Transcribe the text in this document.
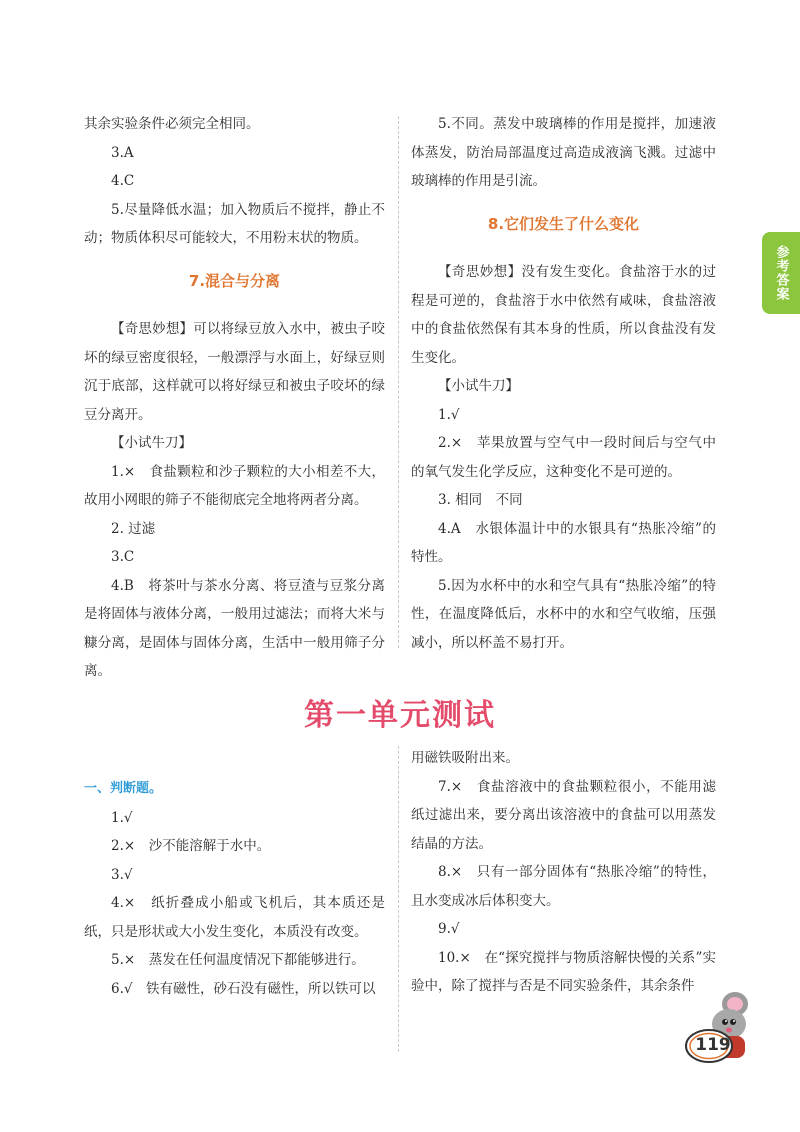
其余实验条件必须完全相同。

3.A

4.C

5.尽量降低水温；加入物质后不搅拌，静止不动；物质体积尽可能较大，不用粉末状的物质。

7.混合与分离

【奇思妙想】可以将绿豆放入水中，被虫子咬坏的绿豆密度很轻，一般漂浮与水面上，好绿豆则沉于底部，这样就可以将好绿豆和被虫子咬坏的绿豆分离开。

【小试牛刀】

1.×　食盐颗粒和沙子颗粒的大小相差不大，故用小网眼的筛子不能彻底完全地将两者分离。

2. 过滤

3.C

4.B　将茶叶与茶水分离、将豆渣与豆浆分离是将固体与液体分离，一般用过滤法；而将大米与糠分离，是固体与固体分离，生活中一般用筛子分离。

5.不同。蒸发中玻璃棒的作用是搅拌，加速液体蒸发，防治局部温度过高造成液滴飞溅。过滤中玻璃棒的作用是引流。

8.它们发生了什么变化

【奇思妙想】没有发生变化。食盐溶于水的过程是可逆的，食盐溶于水中依然有咸味，食盐溶液中的食盐依然保有其本身的性质，所以食盐没有发生变化。

【小试牛刀】

1.√

2.×　苹果放置与空气中一段时间后与空气中的氧气发生化学反应，这种变化不是可逆的。

3. 相同　不同

4.A　水银体温计中的水银具有“热胀冷缩”的特性。

5.因为水杯中的水和空气具有“热胀冷缩”的特性，在温度降低后，水杯中的水和空气收缩，压强减小，所以杯盖不易打开。

第一单元测试

一、判断题。

1.√

2.×　沙不能溶解于水中。

3.√

4.×　纸折叠成小船或飞机后，其本质还是纸，只是形状或大小发生变化，本质没有改变。

5.×　蒸发在任何温度情况下都能够进行。

6.√　铁有磁性，砂石没有磁性，所以铁可以

用磁铁吸附出来。

7.×　食盐溶液中的食盐颗粒很小，不能用滤纸过滤出来，要分离出该溶液中的食盐可以用蒸发结晶的方法。

8.×　只有一部分固体有“热胀冷缩”的特性，且水变成冰后体积变大。

9.√

10.×　在“探究搅拌与物质溶解快慢的关系”实验中，除了搅拌与否是不同实验条件，其余条件

参考答案
119
